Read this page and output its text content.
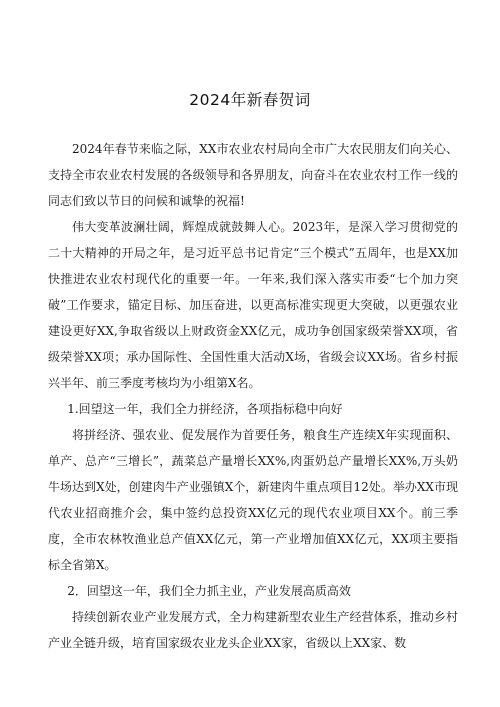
2024年新春贺词

2024年春节来临之际，XX市农业农村局向全市广大农民朋友们向关心、支持全市农业农村发展的各级领导和各界朋友，向奋斗在农业农村工作一线的同志们致以节日的问候和诚挚的祝福!

伟大变革波澜壮阔，辉煌成就鼓舞人心。2023年，是深入学习贯彻党的二十大精神的开局之年，是习近平总书记肯定“三个模式”五周年，也是XX加快推进农业农村现代化的重要一年。一年来,我们深入落实市委“七个加力突破”工作要求，锚定目标、加压奋进，以更高标准实现更大突破，以更强农业建设更好XX,争取省级以上财政资金XX亿元，成功争创国家级荣誉XX项，省级荣誉XX项；承办国际性、全国性重大活动X场，省级会议XX场。省乡村振兴半年、前三季度考核均为小组第X名。

1.回望这一年，我们全力拼经济，各项指标稳中向好

将拼经济、强农业、促发展作为首要任务，粮食生产连续X年实现面积、单产、总产“三增长”，蔬菜总产量增长XX%,肉蛋奶总产量增长XX%,万头奶牛场达到X处，创建肉牛产业强镇X个，新建肉牛重点项目12处。举办XX市现代农业招商推介会，集中签约总投资XX亿元的现代农业项目XX个。前三季度，全市农林牧渔业总产值XX亿元，第一产业增加值XX亿元，XX项主要指标全省第X。

2．回望这一年，我们全力抓主业，产业发展高质高效

持续创新农业产业发展方式，全力构建新型农业生产经营体系，推动乡村产业全链升级，培育国家级农业龙头企业XX家，省级以上XX家、数
